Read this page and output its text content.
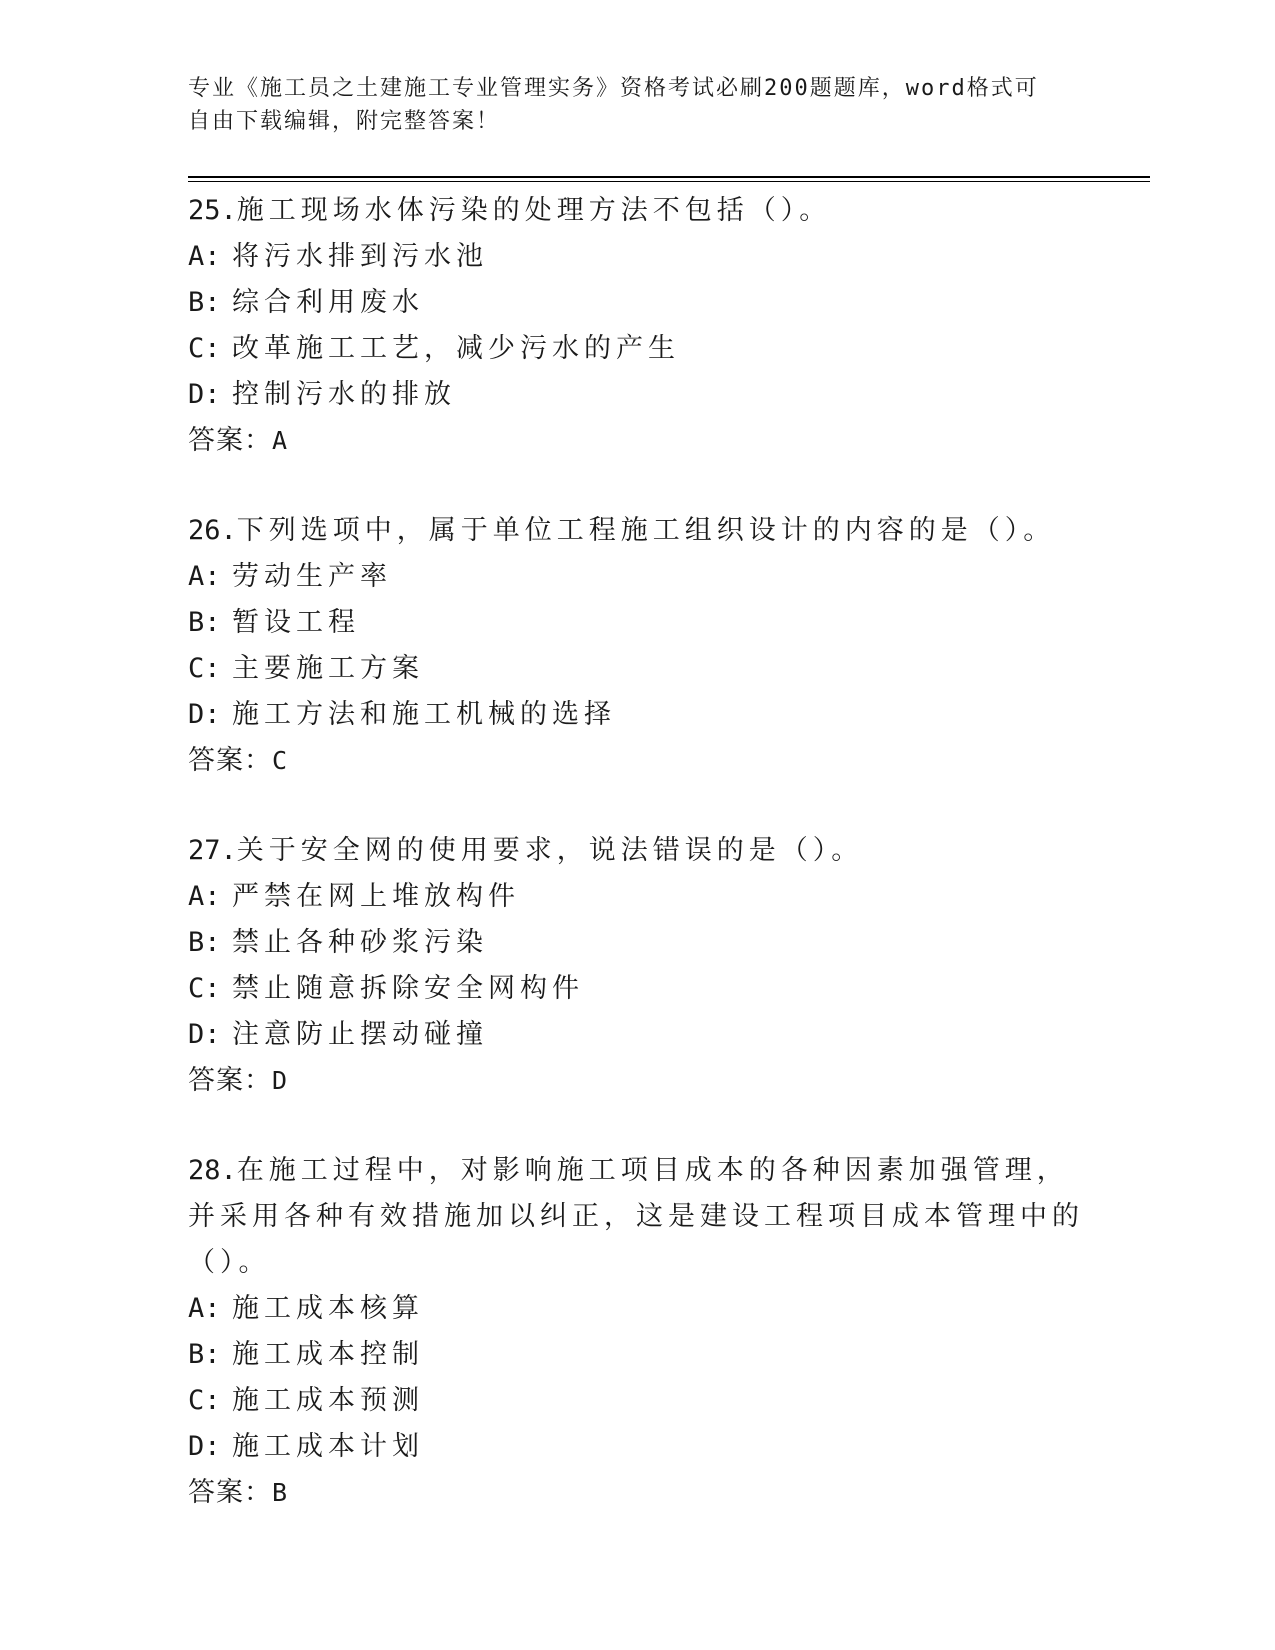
专业《施工员之土建施工专业管理实务》资格考试必刷200题题库，word格式可

自由下载编辑，附完整答案！

25.施工现场水体污染的处理方法不包括（）。

A: 将污水排到污水池

B: 综合利用废水

C: 改革施工工艺，减少污水的产生

D: 控制污水的排放

答案：A

26.下列选项中，属于单位工程施工组织设计的内容的是（）。

A: 劳动生产率

B: 暂设工程

C: 主要施工方案

D: 施工方法和施工机械的选择

答案：C

27.关于安全网的使用要求，说法错误的是（）。

A: 严禁在网上堆放构件

B: 禁止各种砂浆污染

C: 禁止随意拆除安全网构件

D: 注意防止摆动碰撞

答案：D

28.在施工过程中，对影响施工项目成本的各种因素加强管理，并采用各种有效措施加以纠正，这是建设工程项目成本管理中的（）。

A: 施工成本核算

B: 施工成本控制

C: 施工成本预测

D: 施工成本计划

答案：B
